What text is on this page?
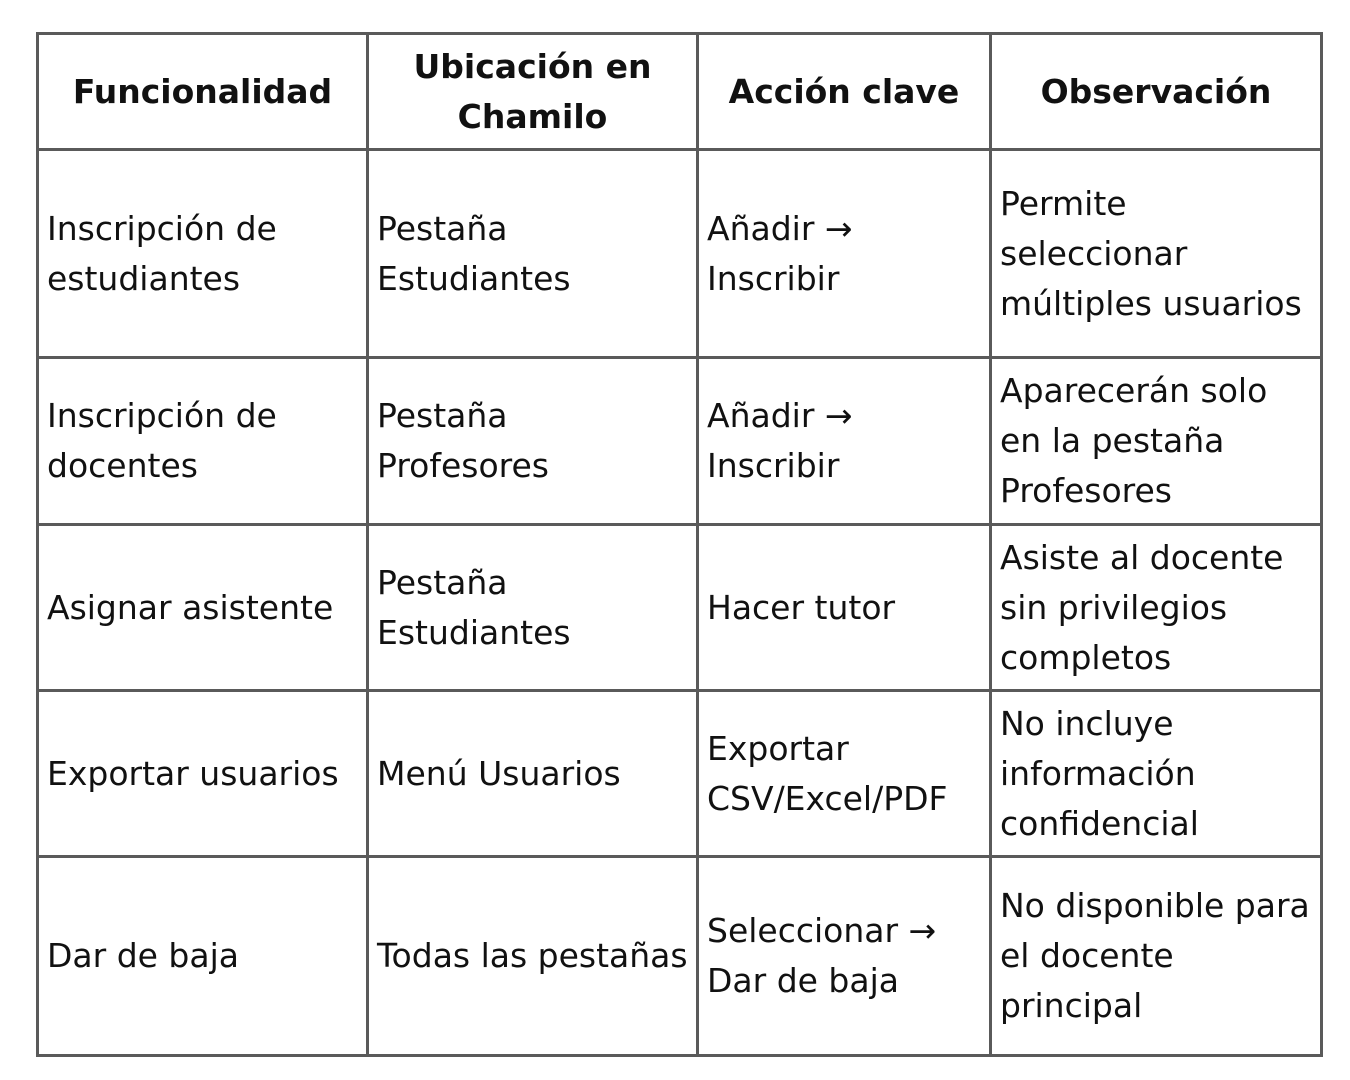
Funcionalidad	Ubicación en Chamilo	Acción clave	Observación
Inscripción de estudiantes	Pestaña Estudiantes	Añadir → Inscribir	Permite seleccionar múltiples usuarios
Inscripción de docentes	Pestaña Profesores	Añadir → Inscribir	Aparecerán solo en la pestaña Profesores
Asignar asistente	Pestaña Estudiantes	Hacer tutor	Asiste al docente sin privilegios completos
Exportar usuarios	Menú Usuarios	Exportar CSV/Excel/PDF	No incluye información confidencial
Dar de baja	Todas las pestañas	Seleccionar → Dar de baja	No disponible para el docente principal
